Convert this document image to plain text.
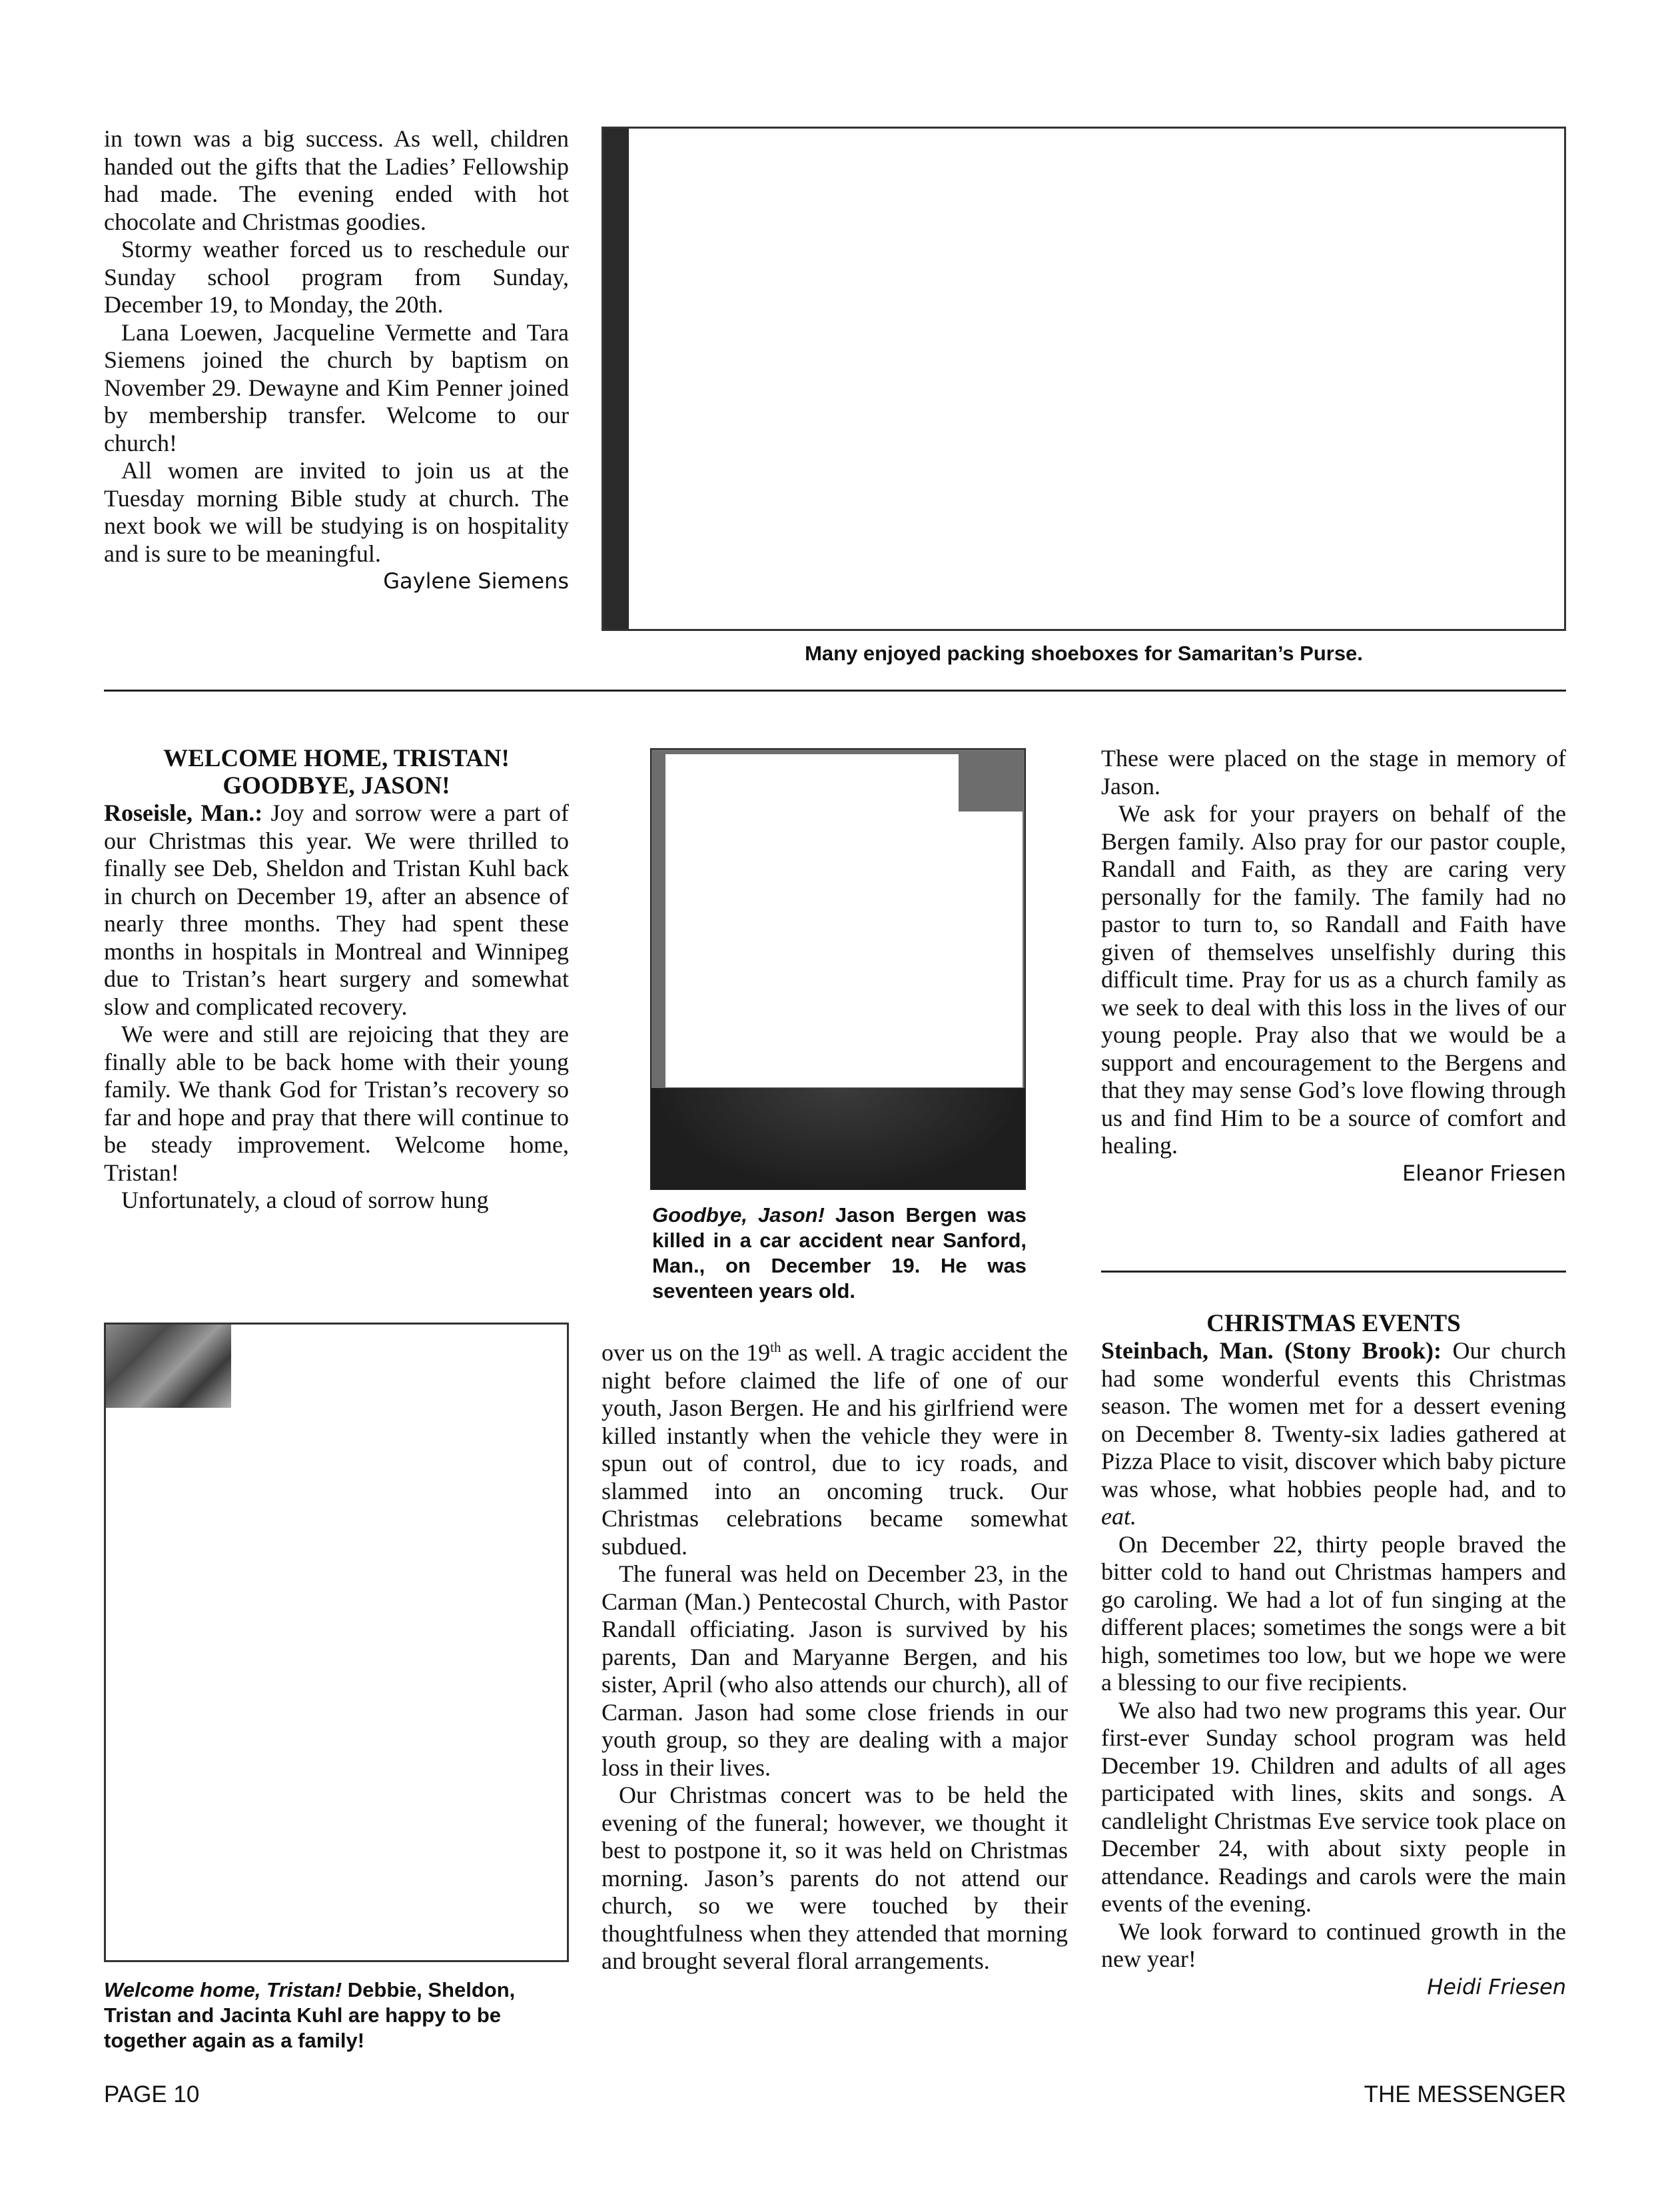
in town was a big success. As well, children handed out the gifts that the Ladies’ Fellowship had made. The evening ended with hot chocolate and Christmas goodies.

Stormy weather forced us to reschedule our Sunday school program from Sunday, December 19, to Monday, the 20th.

Lana Loewen, Jacqueline Vermette and Tara Siemens joined the church by baptism on November 29. Dewayne and Kim Penner joined by membership transfer. Welcome to our church!

All women are invited to join us at the Tuesday morning Bible study at church. The next book we will be studying is on hospitality and is sure to be meaningful.

Gaylene Siemens
Many enjoyed packing shoeboxes for Samaritan’s Purse.
WELCOME HOME, TRISTAN!
GOODBYE, JASON!

Roseisle, Man.: Joy and sorrow were a part of our Christmas this year. We were thrilled to finally see Deb, Sheldon and Tristan Kuhl back in church on December 19, after an absence of nearly three months. They had spent these months in hospitals in Montreal and Winnipeg due to Tristan’s heart surgery and somewhat slow and complicated recovery.

We were and still are rejoicing that they are finally able to be back home with their young family. We thank God for Tristan’s recovery so far and hope and pray that there will continue to be steady improvement. Welcome home, Tristan!

Unfortunately, a cloud of sorrow hung

Goodbye, Jason! Jason Bergen was killed in a car accident near Sanford, Man., on December 19. He was seventeen years old.
Welcome home, Tristan! Debbie, Sheldon, Tristan and Jacinta Kuhl are happy to be together again as a family!

over us on the 19th as well. A tragic accident the night before claimed the life of one of our youth, Jason Bergen. He and his girlfriend were killed instantly when the vehicle they were in spun out of control, due to icy roads, and slammed into an oncoming truck. Our Christmas celebrations became somewhat subdued.

The funeral was held on December 23, in the Carman (Man.) Pentecostal Church, with Pastor Randall officiating. Jason is survived by his parents, Dan and Maryanne Bergen, and his sister, April (who also attends our church), all of Carman. Jason had some close friends in our youth group, so they are dealing with a major loss in their lives.

Our Christmas concert was to be held the evening of the funeral; however, we thought it best to postpone it, so it was held on Christmas morning. Jason’s parents do not attend our church, so we were touched by their thoughtfulness when they attended that morning and brought several floral arrangements.

These were placed on the stage in memory of Jason.

We ask for your prayers on behalf of the Bergen family. Also pray for our pastor couple, Randall and Faith, as they are caring very personally for the family. The family had no pastor to turn to, so Randall and Faith have given of themselves unselfishly during this difficult time. Pray for us as a church family as we seek to deal with this loss in the lives of our young people. Pray also that we would be a support and encouragement to the Bergens and that they may sense God’s love flowing through us and find Him to be a source of comfort and healing.

Eleanor Friesen
CHRISTMAS EVENTS

Steinbach, Man. (Stony Brook): Our church had some wonderful events this Christmas season. The women met for a dessert evening on December 8. Twenty-six ladies gathered at Pizza Place to visit, discover which baby picture was whose, what hobbies people had, and to eat.

On December 22, thirty people braved the bitter cold to hand out Christmas hampers and go caroling. We had a lot of fun singing at the different places; sometimes the songs were a bit high, sometimes too low, but we hope we were a blessing to our five recipients.

We also had two new programs this year. Our first-ever Sunday school program was held December 19. Children and adults of all ages participated with lines, skits and songs. A candlelight Christmas Eve service took place on December 24, with about sixty people in attendance. Readings and carols were the main events of the evening.

We look forward to continued growth in the new year!

Heidi Friesen
PAGE 10	THE MESSENGER
